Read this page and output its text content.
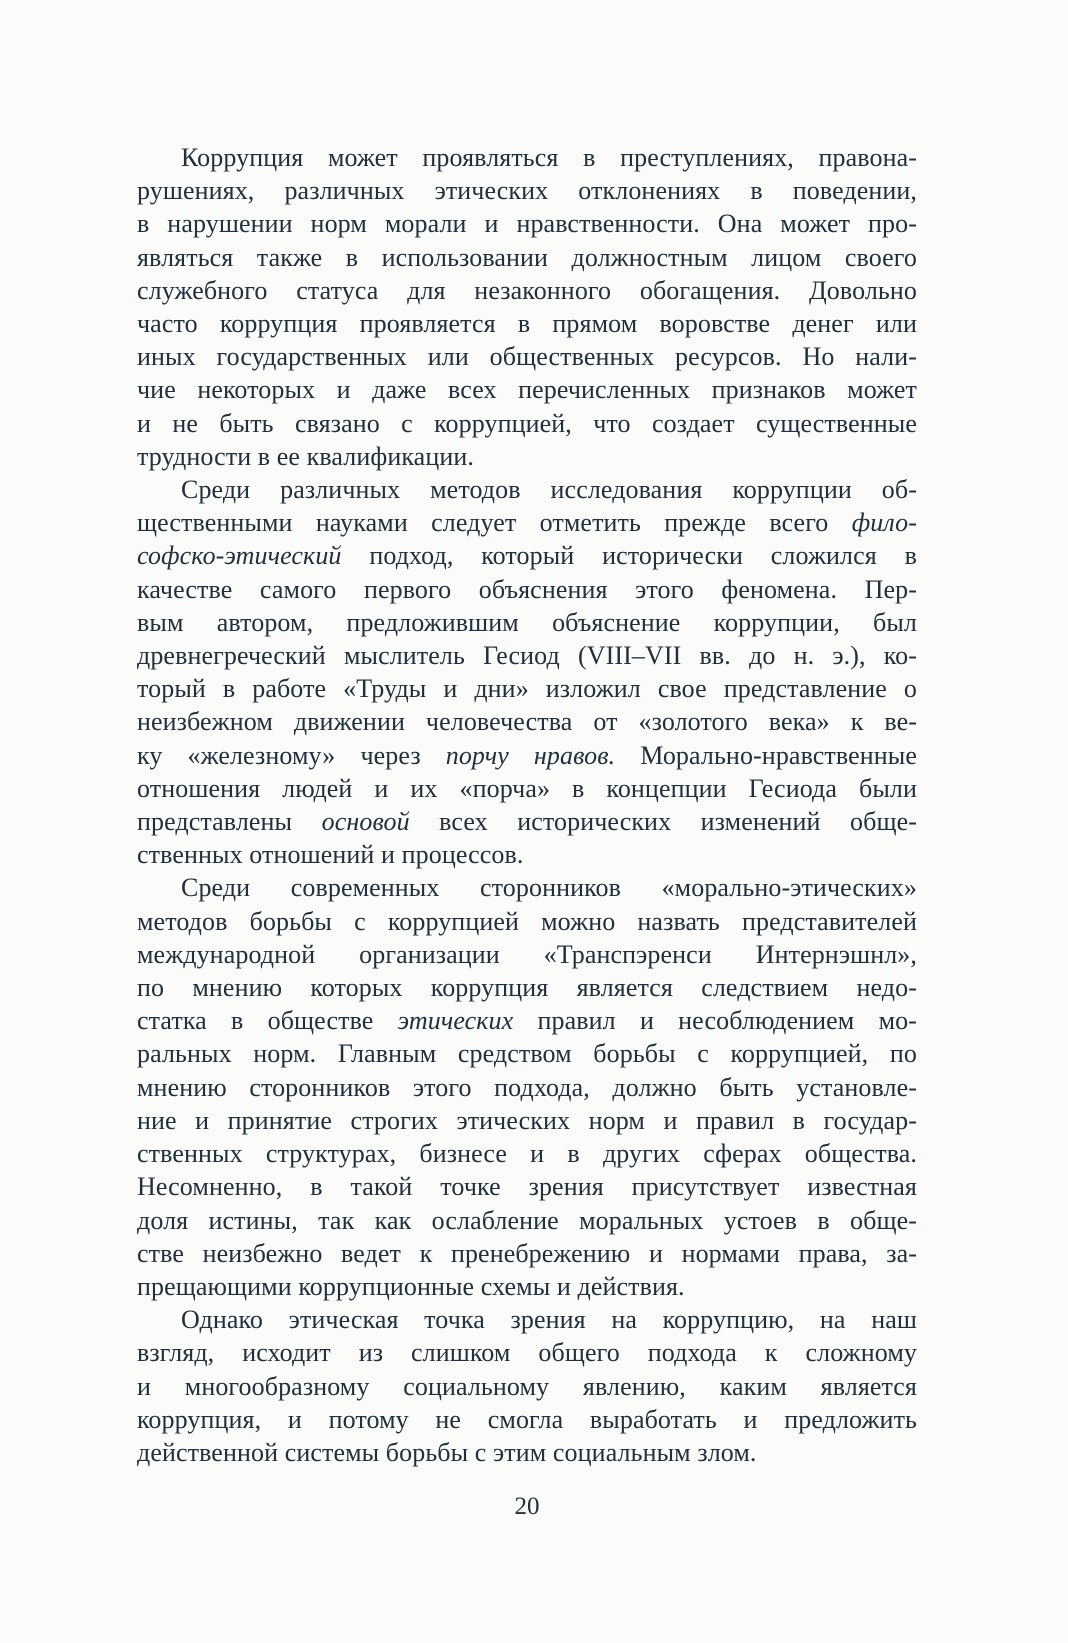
Коррупция может проявляться в преступлениях, правона-
рушениях, различных этических отклонениях в поведении,
в нарушении норм морали и нравственности. Она может про-
являться также в использовании должностным лицом своего
служебного статуса для незаконного обогащения. Довольно
часто коррупция проявляется в прямом воровстве денег или
иных государственных или общественных ресурсов. Но нали-
чие некоторых и даже всех перечисленных признаков может
и не быть связано с коррупцией, что создает существенные
трудности в ее квалификации.
Среди различных методов исследования коррупции об-
щественными науками следует отметить прежде всего фило-
софско-этический подход, который исторически сложился в
качестве самого первого объяснения этого феномена. Пер-
вым автором, предложившим объяснение коррупции, был
древнегреческий мыслитель Гесиод (VIII–VII вв. до н. э.), ко-
торый в работе «Труды и дни» изложил свое представление о
неизбежном движении человечества от «золотого века» к ве-
ку «железному» через порчу нравов. Морально-нравственные
отношения людей и их «порча» в концепции Гесиода были
представлены основой всех исторических изменений обще-
ственных отношений и процессов.
Среди современных сторонников «морально-этических»
методов борьбы с коррупцией можно назвать представителей
международной организации «Транспэренси Интернэшнл»,
по мнению которых коррупция является следствием недо-
статка в обществе этических правил и несоблюдением мо-
ральных норм. Главным средством борьбы с коррупцией, по
мнению сторонников этого подхода, должно быть установле-
ние и принятие строгих этических норм и правил в государ-
ственных структурах, бизнесе и в других сферах общества.
Несомненно, в такой точке зрения присутствует известная
доля истины, так как ослабление моральных устоев в обще-
стве неизбежно ведет к пренебрежению и нормами права, за-
прещающими коррупционные схемы и действия.
Однако этическая точка зрения на коррупцию, на наш
взгляд, исходит из слишком общего подхода к сложному
и многообразному социальному явлению, каким является
коррупция, и потому не смогла выработать и предложить
действенной системы борьбы с этим социальным злом.
20
